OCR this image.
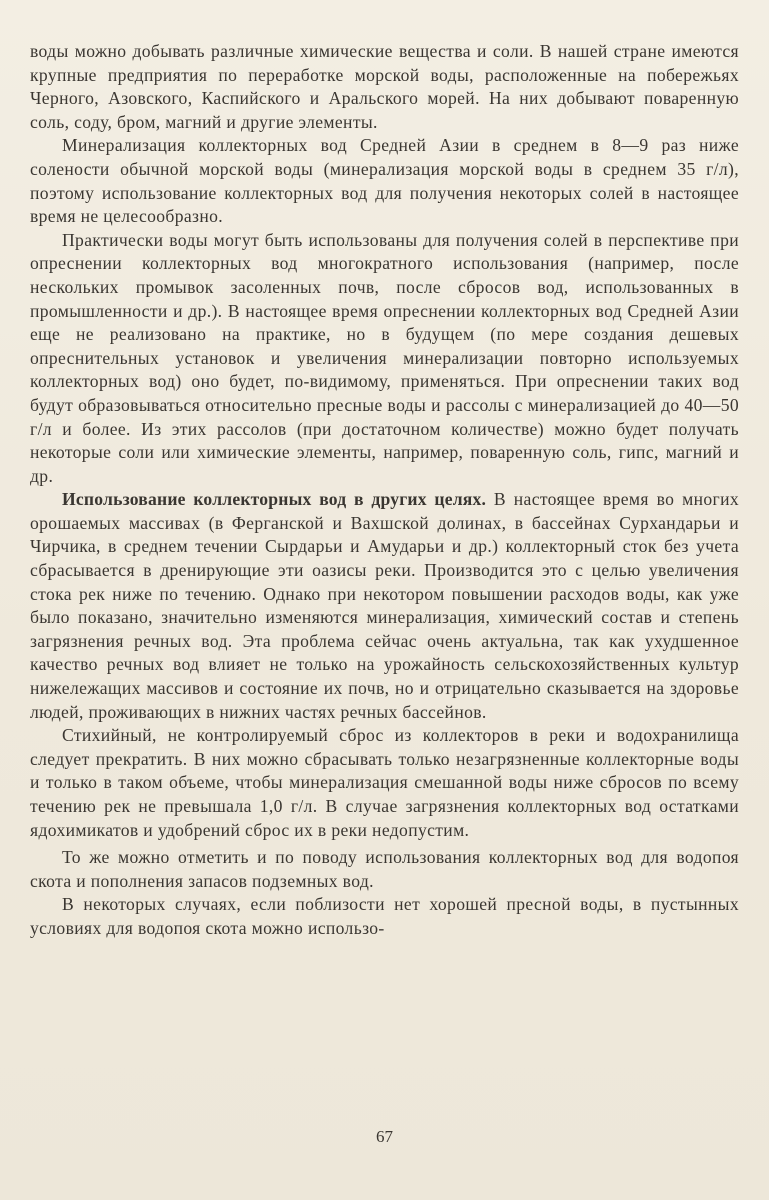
воды можно добывать различные химические вещества и соли. В нашей стране имеются крупные предприятия по переработке морской воды, расположенные на побережьях Черного, Азовского, Каспийского и Аральского морей. На них добывают поваренную соль, соду, бром, магний и другие элементы.

Минерализация коллекторных вод Средней Азии в среднем в 8—9 раз ниже солености обычной морской воды (минерализация морской воды в среднем 35 г/л), поэтому использование коллекторных вод для получения некоторых солей в настоящее время не целесообразно.

Практически воды могут быть использованы для получения солей в перспективе при опреснении коллекторных вод многократного использования (например, после нескольких промывок засоленных почв, после сбросов вод, использованных в промышленности и др.). В настоящее время опреснении коллекторных вод Средней Азии еще не реализовано на практике, но в будущем (по мере создания дешевых опреснительных установок и увеличения минерализации повторно используемых коллекторных вод) оно будет, по-видимому, применяться. При опреснении таких вод будут образовываться относительно пресные воды и рассолы с минерализацией до 40—50 г/л и более. Из этих рассолов (при достаточном количестве) можно будет получать некоторые соли или химические элементы, например, поваренную соль, гипс, магний и др.

Использование коллекторных вод в других целях. В настоящее время во многих орошаемых массивах (в Ферганской и Вахшской долинах, в бассейнах Сурхандарьи и Чирчика, в среднем течении Сырдарьи и Амударьи и др.) коллекторный сток без учета сбрасывается в дренирующие эти оазисы реки. Производится это с целью увеличения стока рек ниже по течению. Однако при некотором повышении расходов воды, как уже было показано, значительно изменяются минерализация, химический состав и степень загрязнения речных вод. Эта проблема сейчас очень актуальна, так как ухудшенное качество речных вод влияет не только на урожайность сельскохозяйственных культур нижележащих массивов и состояние их почв, но и отрицательно сказывается на здоровье людей, проживающих в нижних частях речных бассейнов.

Стихийный, не контролируемый сброс из коллекторов в реки и водохранилища следует прекратить. В них можно сбрасывать только незагрязненные коллекторные воды и только в таком объеме, чтобы минерализация смешанной воды ниже сбросов по всему течению рек не превышала 1,0 г/л. В случае загрязнения коллекторных вод остатками ядохимикатов и удобрений сброс их в реки недопустим.

То же можно отметить и по поводу использования коллекторных вод для водопоя скота и пополнения запасов подземных вод.

В некоторых случаях, если поблизости нет хорошей пресной воды, в пустынных условиях для водопоя скота можно использо-

67
